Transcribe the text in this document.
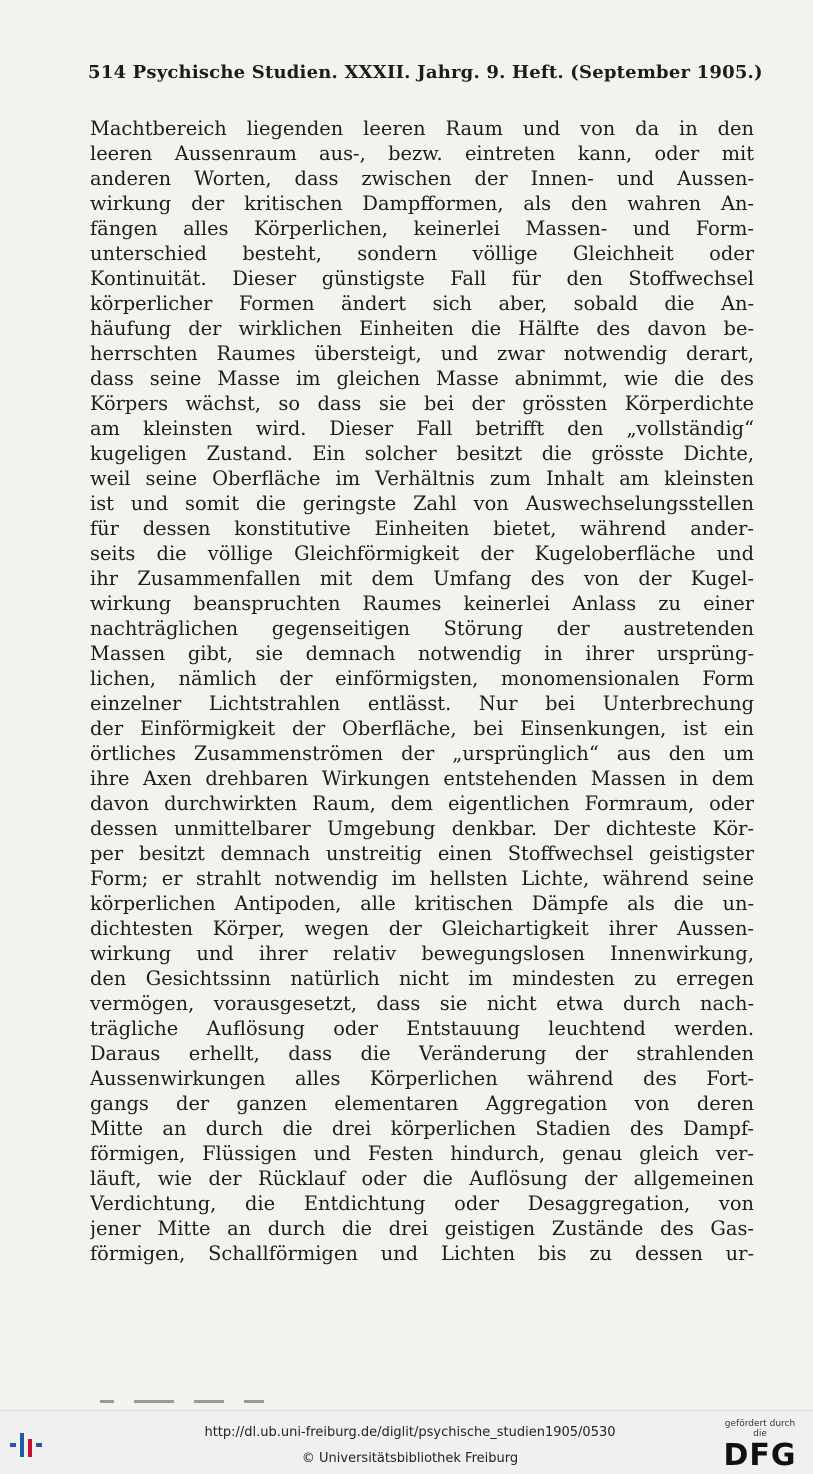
514 Psychische Studien. XXXII. Jahrg. 9. Heft. (September 1905.)
Machtbereich liegenden leeren Raum und von da in den
leeren Aussenraum aus-, bezw. eintreten kann, oder mit
anderen Worten, dass zwischen der Innen- und Aussen-
wirkung der kritischen Dampfformen, als den wahren An-
fängen alles Körperlichen, keinerlei Massen- und Form-
unterschied besteht, sondern völlige Gleichheit oder
Kontinuität. Dieser günstigste Fall für den Stoffwechsel
körperlicher Formen ändert sich aber, sobald die An-
häufung der wirklichen Einheiten die Hälfte des davon be-
herrschten Raumes übersteigt, und zwar notwendig derart,
dass seine Masse im gleichen Masse abnimmt, wie die des
Körpers wächst, so dass sie bei der grössten Körperdichte
am kleinsten wird. Dieser Fall betrifft den „vollständig“
kugeligen Zustand. Ein solcher besitzt die grösste Dichte,
weil seine Oberfläche im Verhältnis zum Inhalt am kleinsten
ist und somit die geringste Zahl von Auswechselungsstellen
für dessen konstitutive Einheiten bietet, während ander-
seits die völlige Gleichförmigkeit der Kugeloberfläche und
ihr Zusammenfallen mit dem Umfang des von der Kugel-
wirkung beanspruchten Raumes keinerlei Anlass zu einer
nachträglichen gegenseitigen Störung der austretenden
Massen gibt, sie demnach notwendig in ihrer ursprüng-
lichen, nämlich der einförmigsten, monomensionalen Form
einzelner Lichtstrahlen entlässt. Nur bei Unterbrechung
der Einförmigkeit der Oberfläche, bei Einsenkungen, ist ein
örtliches Zusammenströmen der „ursprünglich“ aus den um
ihre Axen drehbaren Wirkungen entstehenden Massen in dem
davon durchwirkten Raum, dem eigentlichen Formraum, oder
dessen unmittelbarer Umgebung denkbar. Der dichteste Kör-
per besitzt demnach unstreitig einen Stoffwechsel geistigster
Form; er strahlt notwendig im hellsten Lichte, während seine
körperlichen Antipoden, alle kritischen Dämpfe als die un-
dichtesten Körper, wegen der Gleichartigkeit ihrer Aussen-
wirkung und ihrer relativ bewegungslosen Innenwirkung,
den Gesichtssinn natürlich nicht im mindesten zu erregen
vermögen, vorausgesetzt, dass sie nicht etwa durch nach-
trägliche Auflösung oder Entstauung leuchtend werden.
Daraus erhellt, dass die Veränderung der strahlenden
Aussenwirkungen alles Körperlichen während des Fort-
gangs der ganzen elementaren Aggregation von deren
Mitte an durch die drei körperlichen Stadien des Dampf-
förmigen, Flüssigen und Festen hindurch, genau gleich ver-
läuft, wie der Rücklauf oder die Auflösung der allgemeinen
Verdichtung, die Entdichtung oder Desaggregation, von
jener Mitte an durch die drei geistigen Zustände des Gas-
förmigen, Schallförmigen und Lichten bis zu dessen ur-
http://dl.ub.uni-freiburg.de/diglit/psychische_studien1905/0530
© Universitätsbibliothek Freiburg
gefördert durch die
DFG
